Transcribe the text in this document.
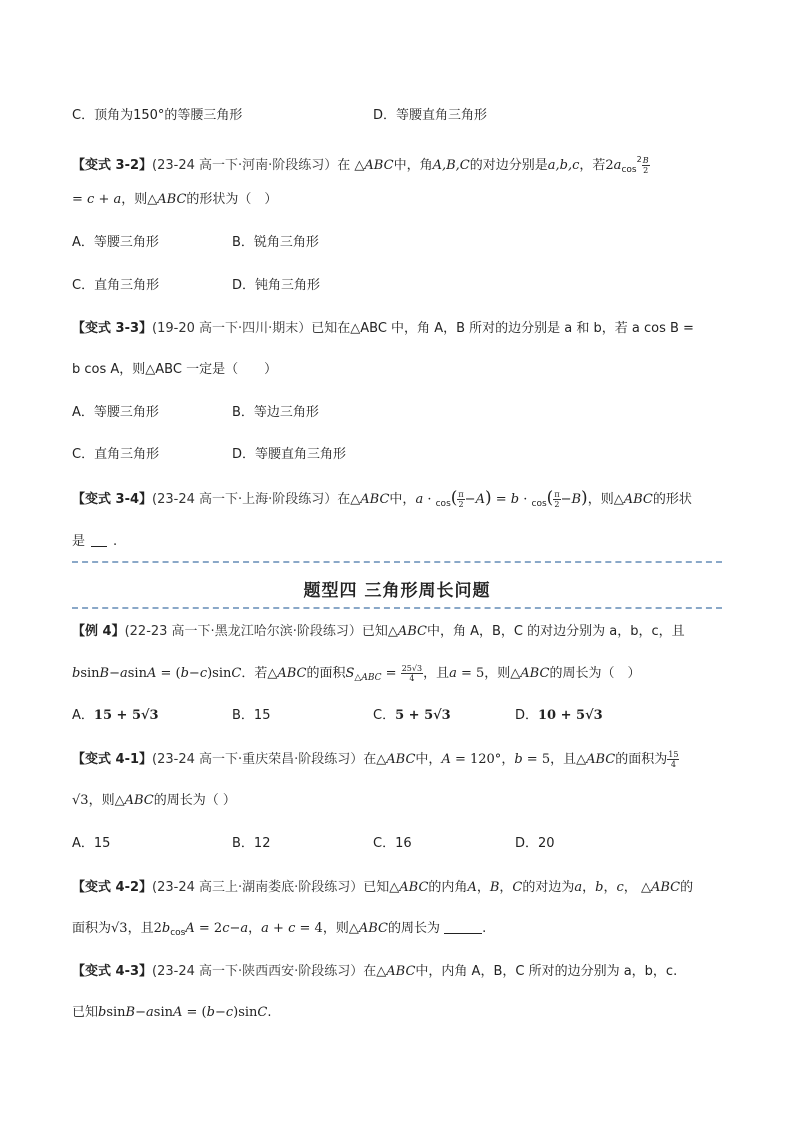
C．顶角为150°的等腰三角形	D．等腰直角三角形
【变式 3-2】(23-24 高一下·河南·阶段练习）在 △ABC中，角A,B,C的对边分别是a,b,c，若$2a_{cos}^2 \frac{B}{2}$
= c + a，则△ABC的形状为（　）
A．等腰三角形	B．锐角三角形
C．直角三角形	D．钝角三角形
【变式 3-3】(19-20 高一下·四川·期末）已知在△ABC 中，角 A，B 所对的边分别是 a 和 b，若 a cos B =
b cos A，则△ABC 一定是（　　）
A．等腰三角形	B．等边三角形
C．直角三角形	D．等腰直角三角形
【变式 3-4】(23-24 高一下·上海·阶段练习）在△ABC中，$a \cdot _{cos}( \frac{\pi}{2} -A) = b \cdot _{cos}( \frac{\pi}{2} -B)$，则△ABC的形状
是 .
题型四 三角形周长问题
【例 4】(22-23 高一下·黑龙江哈尔滨·阶段练习）已知△ABC中，角 A，B，C 的对边分别为 a，b，c，且
bsinB−asinA = (b−c)sinC．若△ABC的面积$S_{\triangle ABC} = \frac{25√3}{4}$ ，且a = 5，则△ABC的周长为（　）
A．15 + 5√3	B．15	C．5 + 5√3	D．10 + 5√3
【变式 4-1】(23-24 高一下·重庆荣昌·阶段练习）在△ABC中，A = 120°，b = 5，且△ABC的面积为 $\frac{15}{4}$
√3，则△ABC的周长为（ ）
A．15	B．12	C．16	D．20
【变式 4-2】(23-24 高三上·湖南娄底·阶段练习）已知△ABC的内角A，B，C的对边为a，b，c， △ABC的
面积为√3，且$2b_{cos}A = 2c-a$，a + c = 4，则△ABC的周长为	.
【变式 4-3】(23-24 高一下·陕西西安·阶段练习）在△ABC中，内角 A，B，C 所对的边分别为 a，b，c.
已知bsinB−asinA = (b−c)sinC.
